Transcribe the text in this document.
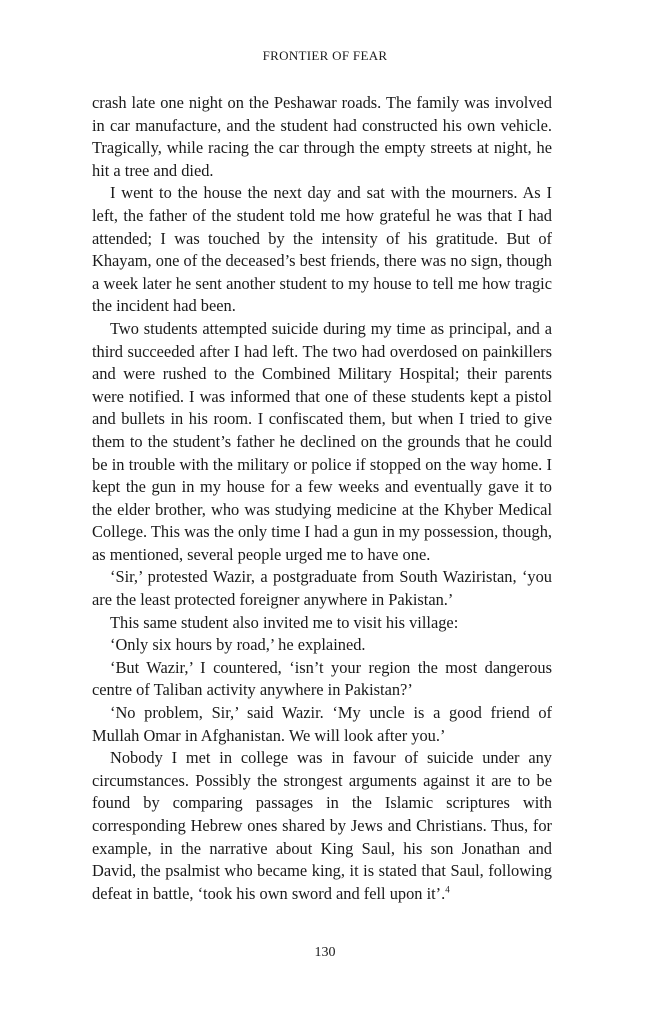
FRONTIER OF FEAR

crash late one night on the Peshawar roads. The family was involved in car manufacture, and the student had constructed his own vehicle. Tragically, while racing the car through the empty streets at night, he hit a tree and died.

I went to the house the next day and sat with the mourners. As I left, the father of the student told me how grateful he was that I had attended; I was touched by the intensity of his gratitude. But of Khayam, one of the deceased’s best friends, there was no sign, though a week later he sent another student to my house to tell me how tragic the incident had been.

Two students attempted suicide during my time as principal, and a third succeeded after I had left. The two had overdosed on painkillers and were rushed to the Combined Military Hospital; their parents were notified. I was informed that one of these students kept a pistol and bullets in his room. I confiscated them, but when I tried to give them to the student’s father he declined on the grounds that he could be in trouble with the military or police if stopped on the way home. I kept the gun in my house for a few weeks and eventually gave it to the elder brother, who was studying medicine at the Khyber Medical College. This was the only time I had a gun in my possession, though, as mentioned, several people urged me to have one.

‘Sir,’ protested Wazir, a postgraduate from South Waziristan, ‘you are the least protected foreigner anywhere in Pakistan.’

This same student also invited me to visit his village:

‘Only six hours by road,’ he explained.

‘But Wazir,’ I countered, ‘isn’t your region the most dangerous centre of Taliban activity anywhere in Pakistan?’

‘No problem, Sir,’ said Wazir. ‘My uncle is a good friend of Mullah Omar in Afghanistan. We will look after you.’

Nobody I met in college was in favour of suicide under any circumstances. Possibly the strongest arguments against it are to be found by comparing passages in the Islamic scriptures with corresponding Hebrew ones shared by Jews and Christians. Thus, for example, in the narrative about King Saul, his son Jonathan and David, the psalmist who became king, it is stated that Saul, following defeat in battle, ‘took his own sword and fell upon it’.$^4$

130
